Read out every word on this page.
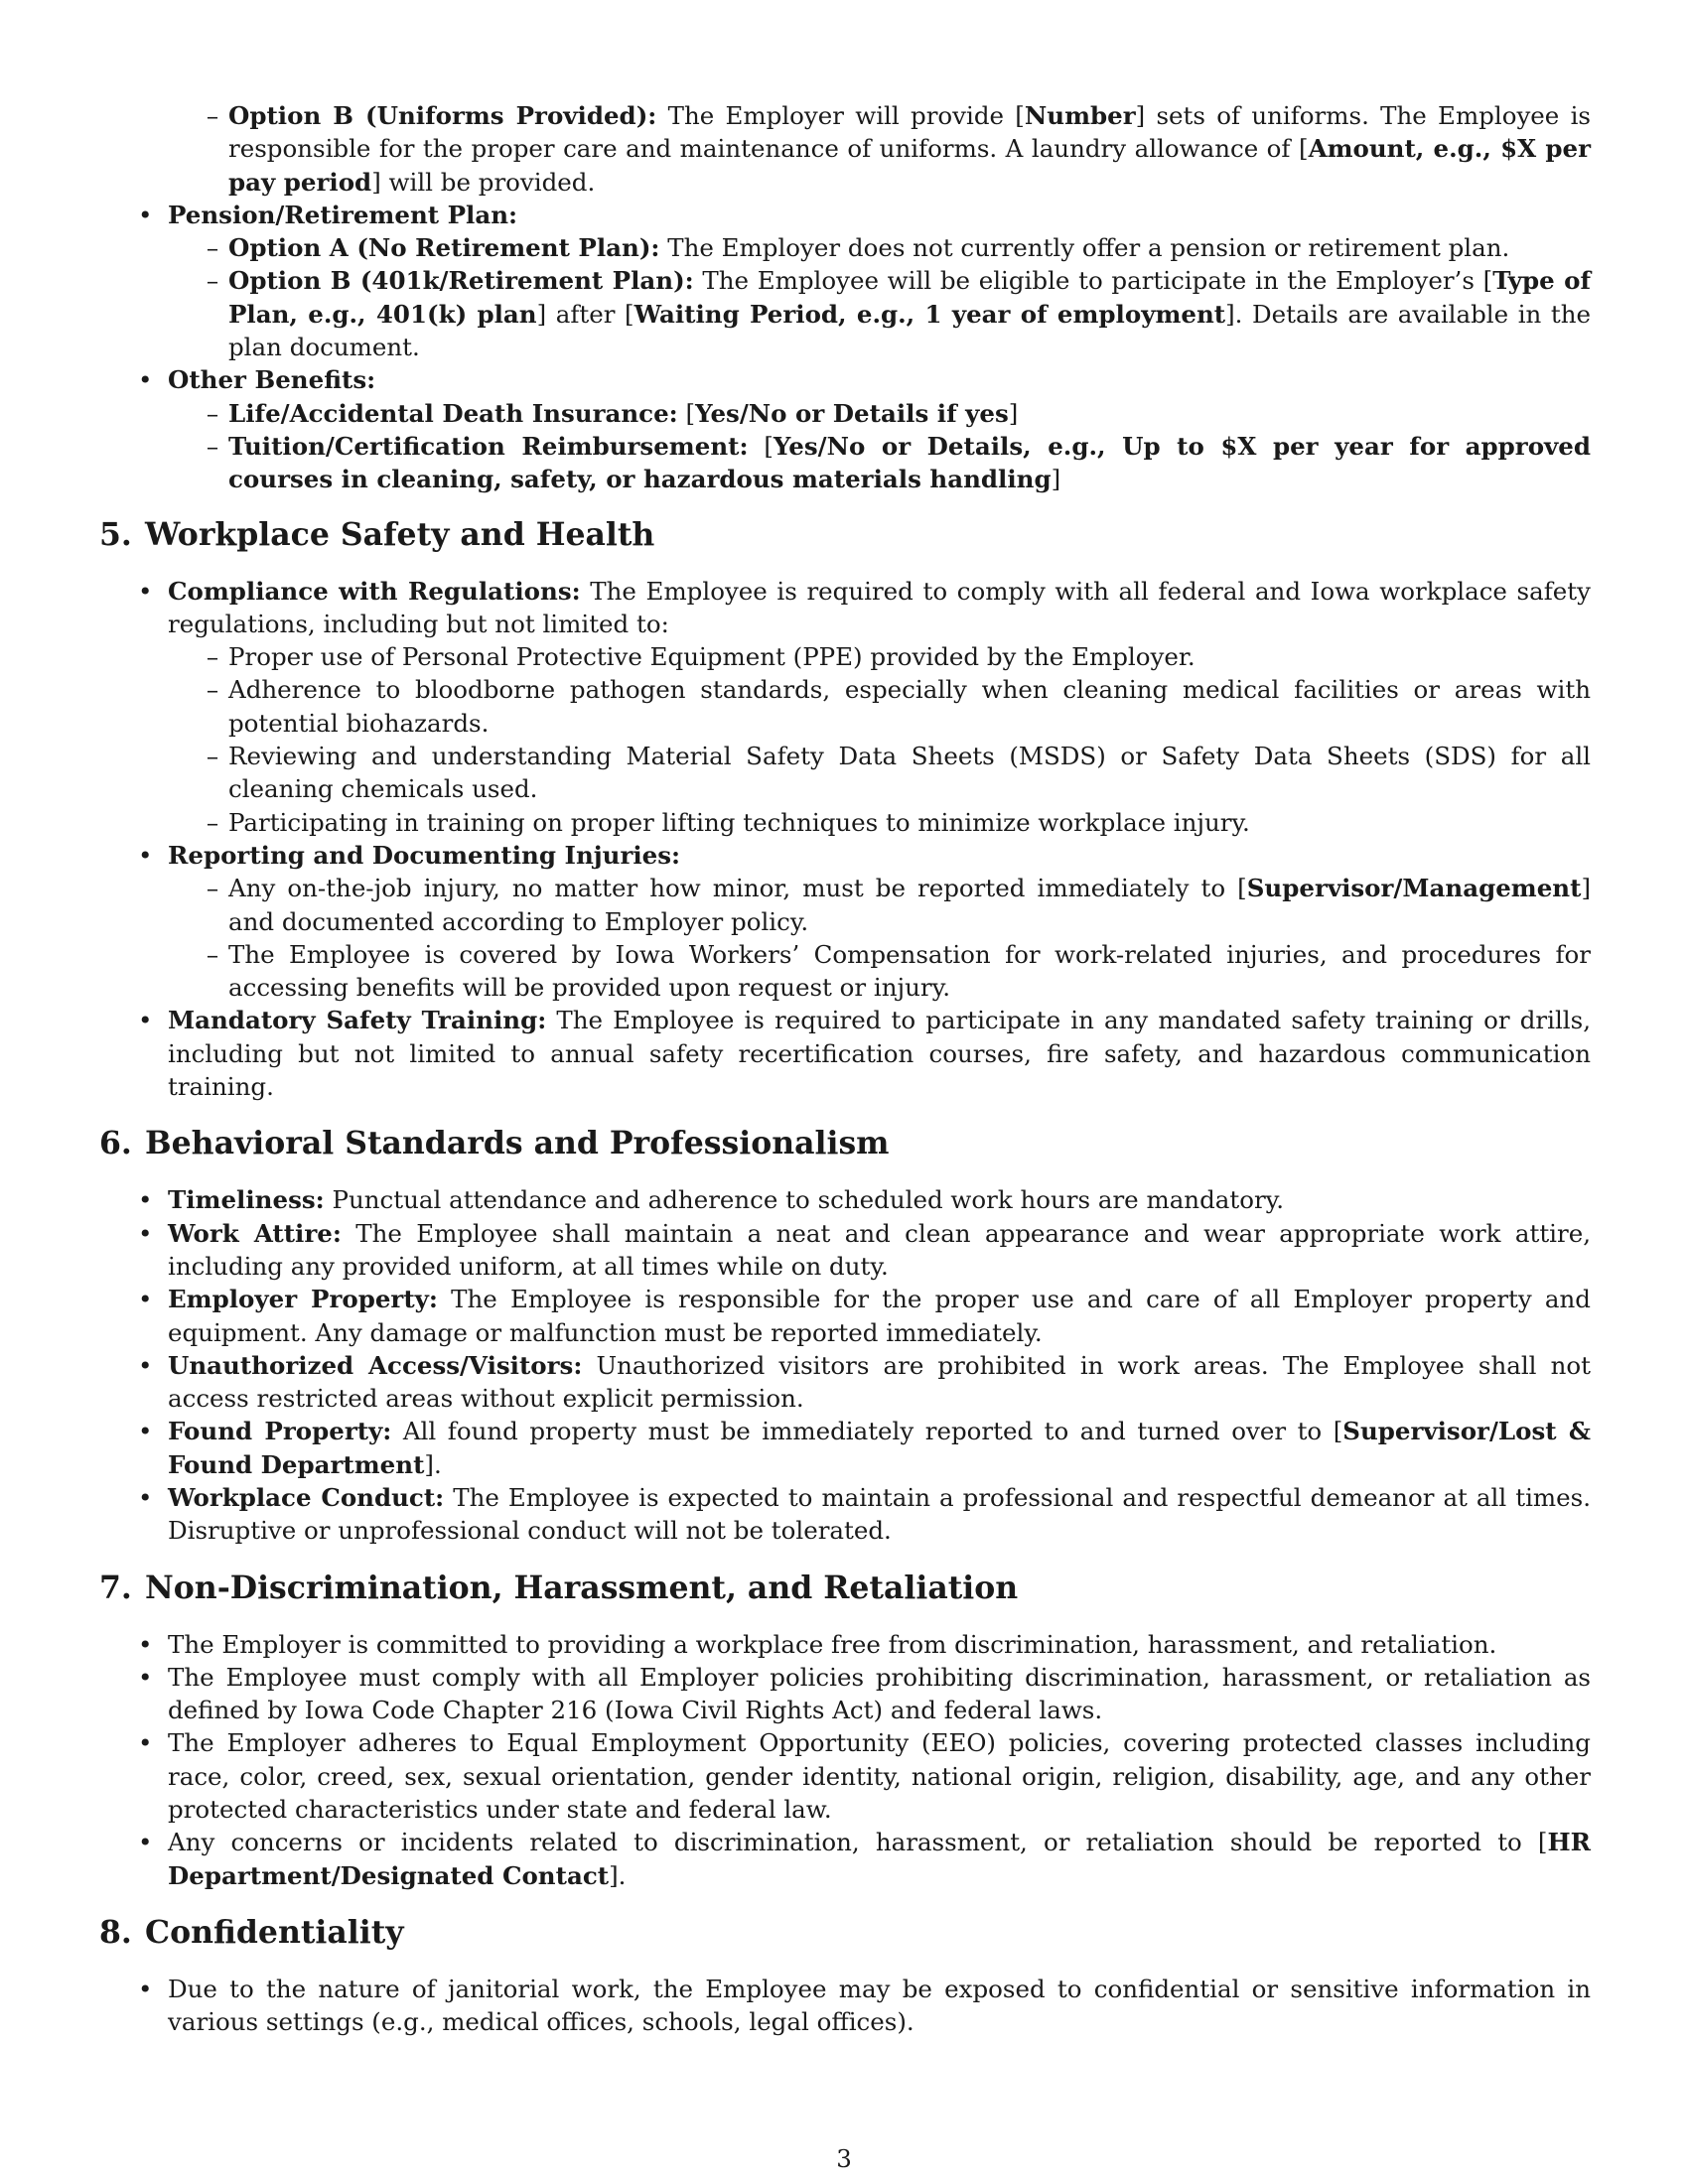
– Option B (Uniforms Provided): The Employer will provide [Number] sets of uniforms. The Employee is responsible for the proper care and maintenance of uniforms. A laundry allowance of [Amount, e.g., $X per pay period] will be provided.
• Pension/Retirement Plan:
– Option A (No Retirement Plan): The Employer does not currently offer a pension or retirement plan.
– Option B (401k/Retirement Plan): The Employee will be eligible to participate in the Employer’s [Type of Plan, e.g., 401(k) plan] after [Waiting Period, e.g., 1 year of employment]. Details are available in the plan document.
• Other Benefits:
– Life/Accidental Death Insurance: [Yes/No or Details if yes]
– Tuition/Certification Reimbursement: [Yes/No or Details, e.g., Up to $X per year for approved courses in cleaning, safety, or hazardous materials handling]
5. Workplace Safety and Health
• Compliance with Regulations: The Employee is required to comply with all federal and Iowa workplace safety regulations, including but not limited to:
– Proper use of Personal Protective Equipment (PPE) provided by the Employer.
– Adherence to bloodborne pathogen standards, especially when cleaning medical facilities or areas with potential biohazards.
– Reviewing and understanding Material Safety Data Sheets (MSDS) or Safety Data Sheets (SDS) for all cleaning chemicals used.
– Participating in training on proper lifting techniques to minimize workplace injury.
• Reporting and Documenting Injuries:
– Any on-the-job injury, no matter how minor, must be reported immediately to [Supervisor/Management] and documented according to Employer policy.
– The Employee is covered by Iowa Workers’ Compensation for work-related injuries, and procedures for accessing benefits will be provided upon request or injury.
• Mandatory Safety Training: The Employee is required to participate in any mandated safety training or drills, including but not limited to annual safety recertification courses, fire safety, and hazardous communication training.
6. Behavioral Standards and Professionalism
• Timeliness: Punctual attendance and adherence to scheduled work hours are mandatory.
• Work Attire: The Employee shall maintain a neat and clean appearance and wear appropriate work attire, including any provided uniform, at all times while on duty.
• Employer Property: The Employee is responsible for the proper use and care of all Employer property and equipment. Any damage or malfunction must be reported immediately.
• Unauthorized Access/Visitors: Unauthorized visitors are prohibited in work areas. The Employee shall not access restricted areas without explicit permission.
• Found Property: All found property must be immediately reported to and turned over to [Supervisor/Lost & Found Department].
• Workplace Conduct: The Employee is expected to maintain a professional and respectful demeanor at all times. Disruptive or unprofessional conduct will not be tolerated.
7. Non-Discrimination, Harassment, and Retaliation
• The Employer is committed to providing a workplace free from discrimination, harassment, and retaliation.
• The Employee must comply with all Employer policies prohibiting discrimination, harassment, or retaliation as defined by Iowa Code Chapter 216 (Iowa Civil Rights Act) and federal laws.
• The Employer adheres to Equal Employment Opportunity (EEO) policies, covering protected classes including race, color, creed, sex, sexual orientation, gender identity, national origin, religion, disability, age, and any other protected characteristics under state and federal law.
• Any concerns or incidents related to discrimination, harassment, or retaliation should be reported to [HR Department/Designated Contact].
8. Confidentiality
• Due to the nature of janitorial work, the Employee may be exposed to confidential or sensitive information in various settings (e.g., medical offices, schools, legal offices).
3
